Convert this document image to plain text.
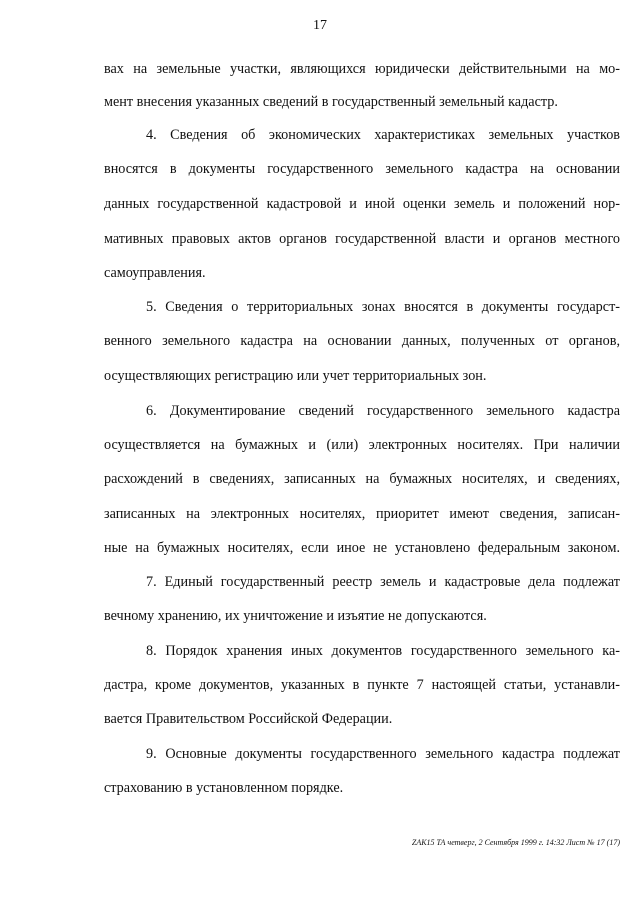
17
вах на земельные участки, являющихся юридически действительными на мо-
мент внесения указанных сведений в государственный земельный кадастр.
4. Сведения об экономических характеристиках земельных участков
вносятся в документы государственного земельного кадастра на основании
данных государственной кадастровой и иной оценки земель и положений нор-
мативных правовых актов органов государственной власти и органов местного
самоуправления.
5. Сведения о территориальных зонах вносятся в документы государст-
венного земельного кадастра на основании данных, полученных от органов,
осуществляющих регистрацию или учет территориальных зон.
6. Документирование сведений государственного земельного кадастра
осуществляется на бумажных и (или) электронных носителях. При наличии
расхождений в сведениях, записанных на бумажных носителях, и сведениях,
записанных на электронных носителях, приоритет имеют сведения, записан-
ные на бумажных носителях, если иное не установлено федеральным законом.
7. Единый государственный реестр земель и кадастровые дела подлежат
вечному хранению, их уничтожение и изъятие не допускаются.
8. Порядок хранения иных документов государственного земельного ка-
дастра, кроме документов, указанных в пункте 7 настоящей статьи, устанавли-
вается Правительством Российской Федерации.
9. Основные документы государственного земельного кадастра подлежат
страхованию в установленном порядке.
ZAK15 ТА четверг, 2 Сентября 1999 г. 14:32 Лист № 17 (17)
